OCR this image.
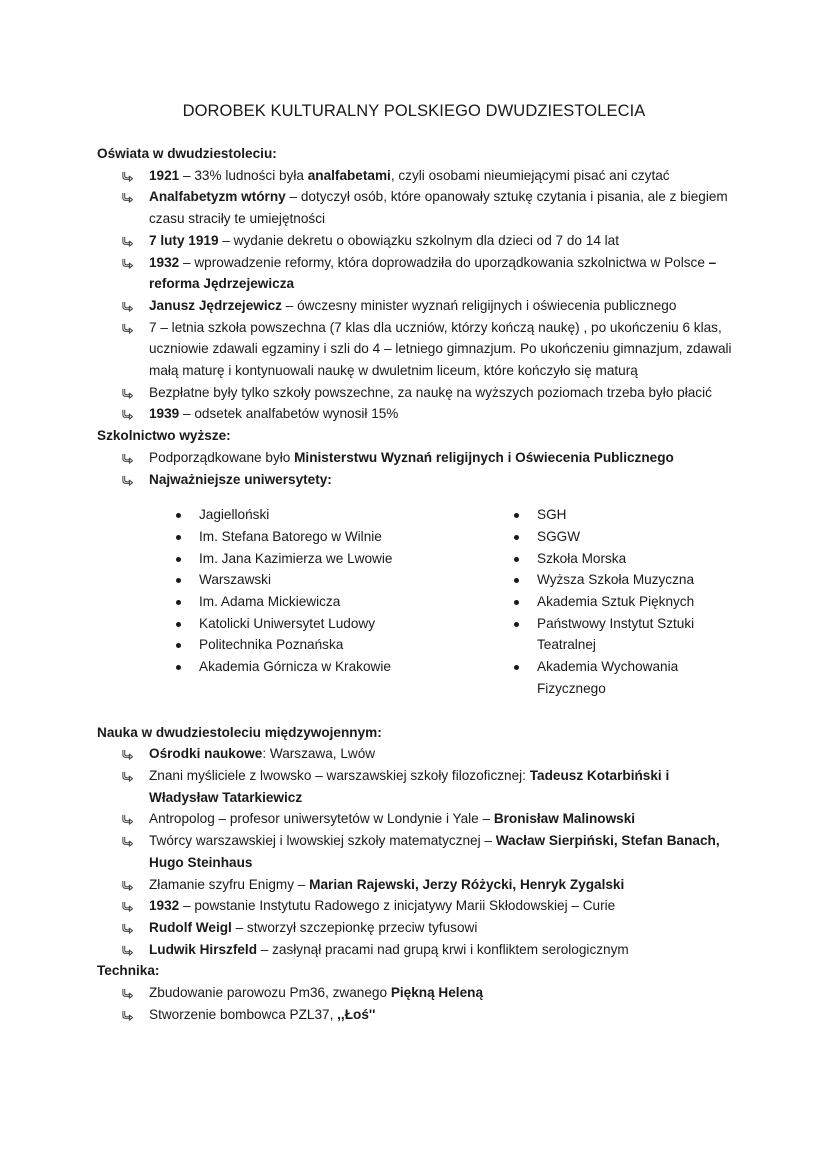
DOROBEK KULTURALNY POLSKIEGO DWUDZIESTOLECIA
Oświata w dwudziestoleciu:
1921 – 33% ludności była analfabetami, czyli osobami nieumiejącymi pisać ani czytać
Analfabetyzm wtórny – dotyczył osób, które opanowały sztukę czytania i pisania, ale z biegiem czasu straciły te umiejętności
7 luty 1919 – wydanie dekretu o obowiązku szkolnym dla dzieci od 7 do 14 lat
1932 – wprowadzenie reformy, która doprowadziła do uporządkowania szkolnictwa w Polsce – reforma Jędrzejewicza
Janusz Jędrzejewicz – ówczesny minister wyznań religijnych i oświecenia publicznego
7 – letnia szkoła powszechna (7 klas dla uczniów, którzy kończą naukę) , po ukończeniu 6 klas, uczniowie zdawali egzaminy i szli do 4 – letniego gimnazjum. Po ukończeniu gimnazjum, zdawali małą maturę i kontynuowali naukę w dwuletnim liceum, które kończyło się maturą
Bezpłatne były tylko szkoły powszechne, za naukę na wyższych poziomach trzeba było płacić
1939 – odsetek analfabetów wynosił 15%
Szkolnictwo wyższe:
Podporządkowane było Ministerstwu Wyznań religijnych i Oświecenia Publicznego
Najważniejsze uniwersytety:
Jagielloński
Im. Stefana Batorego w Wilnie
Im. Jana Kazimierza we Lwowie
Warszawski
Im. Adama Mickiewicza
Katolicki Uniwersytet Ludowy
Politechnika Poznańska
Akademia Górnicza w Krakowie
SGH
SGGW
Szkoła Morska
Wyższa Szkoła Muzyczna
Akademia Sztuk Pięknych
Państwowy Instytut Sztuki Teatralnej
Akademia Wychowania Fizycznego
Nauka w dwudziestoleciu międzywojennym:
Ośrodki naukowe: Warszawa, Lwów
Znani myśliciele z lwowsko – warszawskiej szkoły filozoficznej: Tadeusz Kotarbiński i Władysław Tatarkiewicz
Antropolog – profesor uniwersytetów w Londynie i Yale – Bronisław Malinowski
Twórcy warszawskiej i lwowskiej szkoły matematycznej – Wacław Sierpiński, Stefan Banach, Hugo Steinhaus
Złamanie szyfru Enigmy – Marian Rajewski, Jerzy Różycki, Henryk Zygalski
1932 – powstanie Instytutu Radowego z inicjatywy Marii Skłodowskiej – Curie
Rudolf Weigl – stworzył szczepionkę przeciw tyfusowi
Ludwik Hirszfeld – zasłynął pracami nad grupą krwi i konfliktem serologicznym
Technika:
Zbudowanie parowozu Pm36, zwanego Piękną Heleną
Stworzenie bombowca PZL37, ,,Łoś''
